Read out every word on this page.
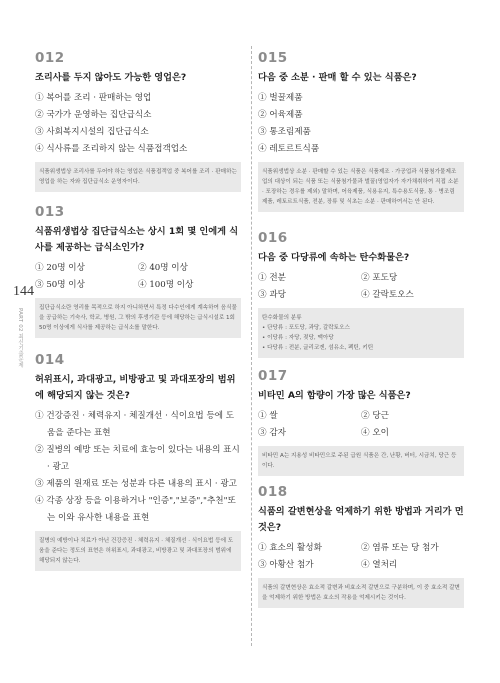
144
PART 02 최신기출문제
012
조리사를 두지 않아도 가능한 영업은?
① 복어를 조리 · 판매하는 영업
② 국가가 운영하는 집단급식소
③ 사회복지시설의 집단급식소
④ 식사류를 조리하지 않는 식품접객업소
식품위생법상 조리사를 두어야 하는 영업은 식품접객업 중 복어를 조리 · 판매하는 영업을 하는 자와 집단급식소 운영자이다.
013
식품위생법상 집단급식소는 상시 1회 몇 인에게 식사를 제공하는 급식소인가?
① 20명 이상	② 40명 이상
③ 50명 이상	④ 100명 이상
집단급식소란 영리를 목적으로 하지 아니하면서 특정 다수인에게 계속하여 음식물을 공급하는 기숙사, 학교, 병원, 그 밖의 후생기관 등에 해당하는 급식시설로 1회 50명 이상에게 식사를 제공하는 급식소를 말한다.
014
허위표시, 과대광고, 비방광고 및 과대포장의 범위에 해당되지 않는 것은?
① 건강증진 · 체력유지 · 체질개선 · 식이요법 등에 도움을 준다는 표현
② 질병의 예방 또는 치료에 효능이 있다는 내용의 표시 · 광고
③ 제품의 원재료 또는 성분과 다른 내용의 표시 · 광고
④ 각종 상장 등을 이용하거나 "인증","보증","추천"또는 이와 유사한 내용을 표현
질병의 예방이나 치료가 아닌 건강증진 · 체력유지 · 체질개선 · 식이요법 등에 도움을 준다는 정도의 표현은 허위표시, 과대광고, 비방광고 및 과대포장의 범위에 해당되지 않는다.
015
다음 중 소분 · 판매 할 수 있는 식품은?
① 벌꿀제품
② 어육제품
③ 통조림제품
④ 레토르트식품
식품위생법상 소분 · 판매할 수 있는 식품은 식품제조 · 가공업과 식품첨가물제조업의 대상이 되는 식품 또는 식품첨가물과 벌꿀(영업자가 자가채취하여 직접 소분 · 포장하는 경우를 제외) 말하며, 어육제품, 식용유지, 특수용도식품, 통 · 병조림 제품, 레토르트식품, 전분, 장류 및 식초는 소분 · 판매하여서는 안 된다.
016
다음 중 다당류에 속하는 탄수화물은?
① 전분	② 포도당
③ 과당	④ 갈락토오스
탄수화물의 분류
• 단당류 : 포도당, 과당, 갈락토오스
• 이당류 : 자당, 젖당, 맥아당
• 다당류 : 전분, 글리코겐, 섬유소, 펙틴, 키틴
017
비타민 A의 함량이 가장 많은 식품은?
① 쌀	② 당근
③ 감자	④ 오이
비타민 A는 지용성 비타민으로 주된 급원 식품은 간, 난황, 버터, 시금치, 당근 등이다.
018
식품의 갈변현상을 억제하기 위한 방법과 거리가 먼 것은?
① 효소의 활성화	② 염류 또는 당 첨가
③ 아황산 첨가	④ 열처리
식품의 갈변현상은 효소적 갈변과 비효소적 갈변으로 구분하며, 이 중 효소적 갈변을 억제하기 위한 방법은 효소의 작용을 억제시키는 것이다.
